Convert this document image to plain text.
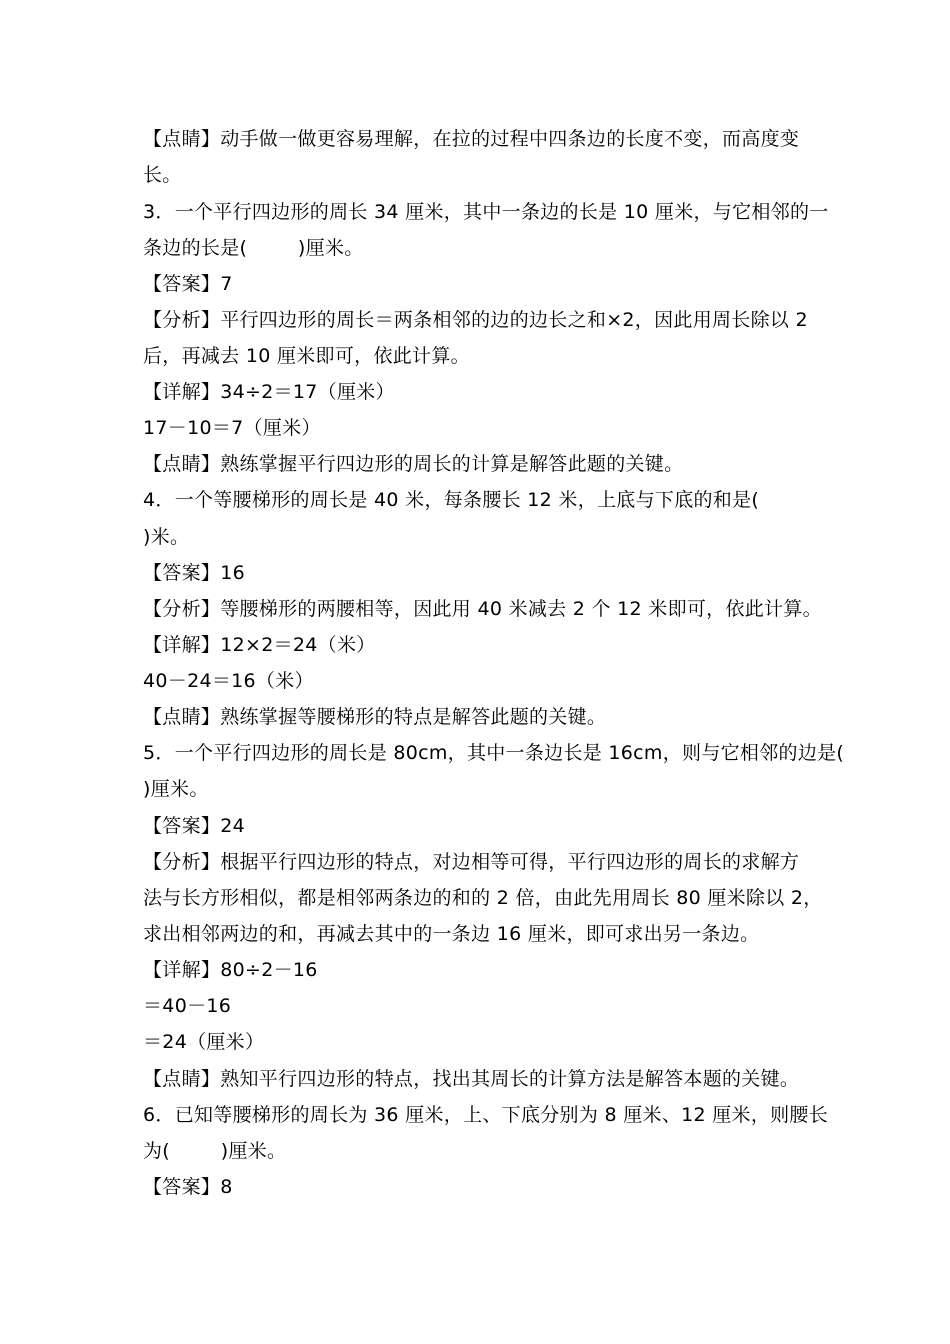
【点睛】动手做一做更容易理解，在拉的过程中四条边的长度不变，而高度变
长。
3．一个平行四边形的周长 34 厘米，其中一条边的长是 10 厘米，与它相邻的一
条边的长是(        )厘米。
【答案】7
【分析】平行四边形的周长＝两条相邻的边的边长之和×2，因此用周长除以 2
后，再减去 10 厘米即可，依此计算。
【详解】34÷2＝17（厘米）
17－10＝7（厘米）
【点睛】熟练掌握平行四边形的周长的计算是解答此题的关键。
4．一个等腰梯形的周长是 40 米，每条腰长 12 米，上底与下底的和是(
)米。
【答案】16
【分析】等腰梯形的两腰相等，因此用 40 米减去 2 个 12 米即可，依此计算。
【详解】12×2＝24（米）
40－24＝16（米）
【点睛】熟练掌握等腰梯形的特点是解答此题的关键。
5．一个平行四边形的周长是 80cm，其中一条边长是 16cm，则与它相邻的边是(
)厘米。
【答案】24
【分析】根据平行四边形的特点，对边相等可得，平行四边形的周长的求解方
法与长方形相似，都是相邻两条边的和的 2 倍，由此先用周长 80 厘米除以 2，
求出相邻两边的和，再减去其中的一条边 16 厘米，即可求出另一条边。
【详解】80÷2－16
＝40－16
＝24（厘米）
【点睛】熟知平行四边形的特点，找出其周长的计算方法是解答本题的关键。
6．已知等腰梯形的周长为 36 厘米，上、下底分别为 8 厘米、12 厘米，则腰长
为(        )厘米。
【答案】8
